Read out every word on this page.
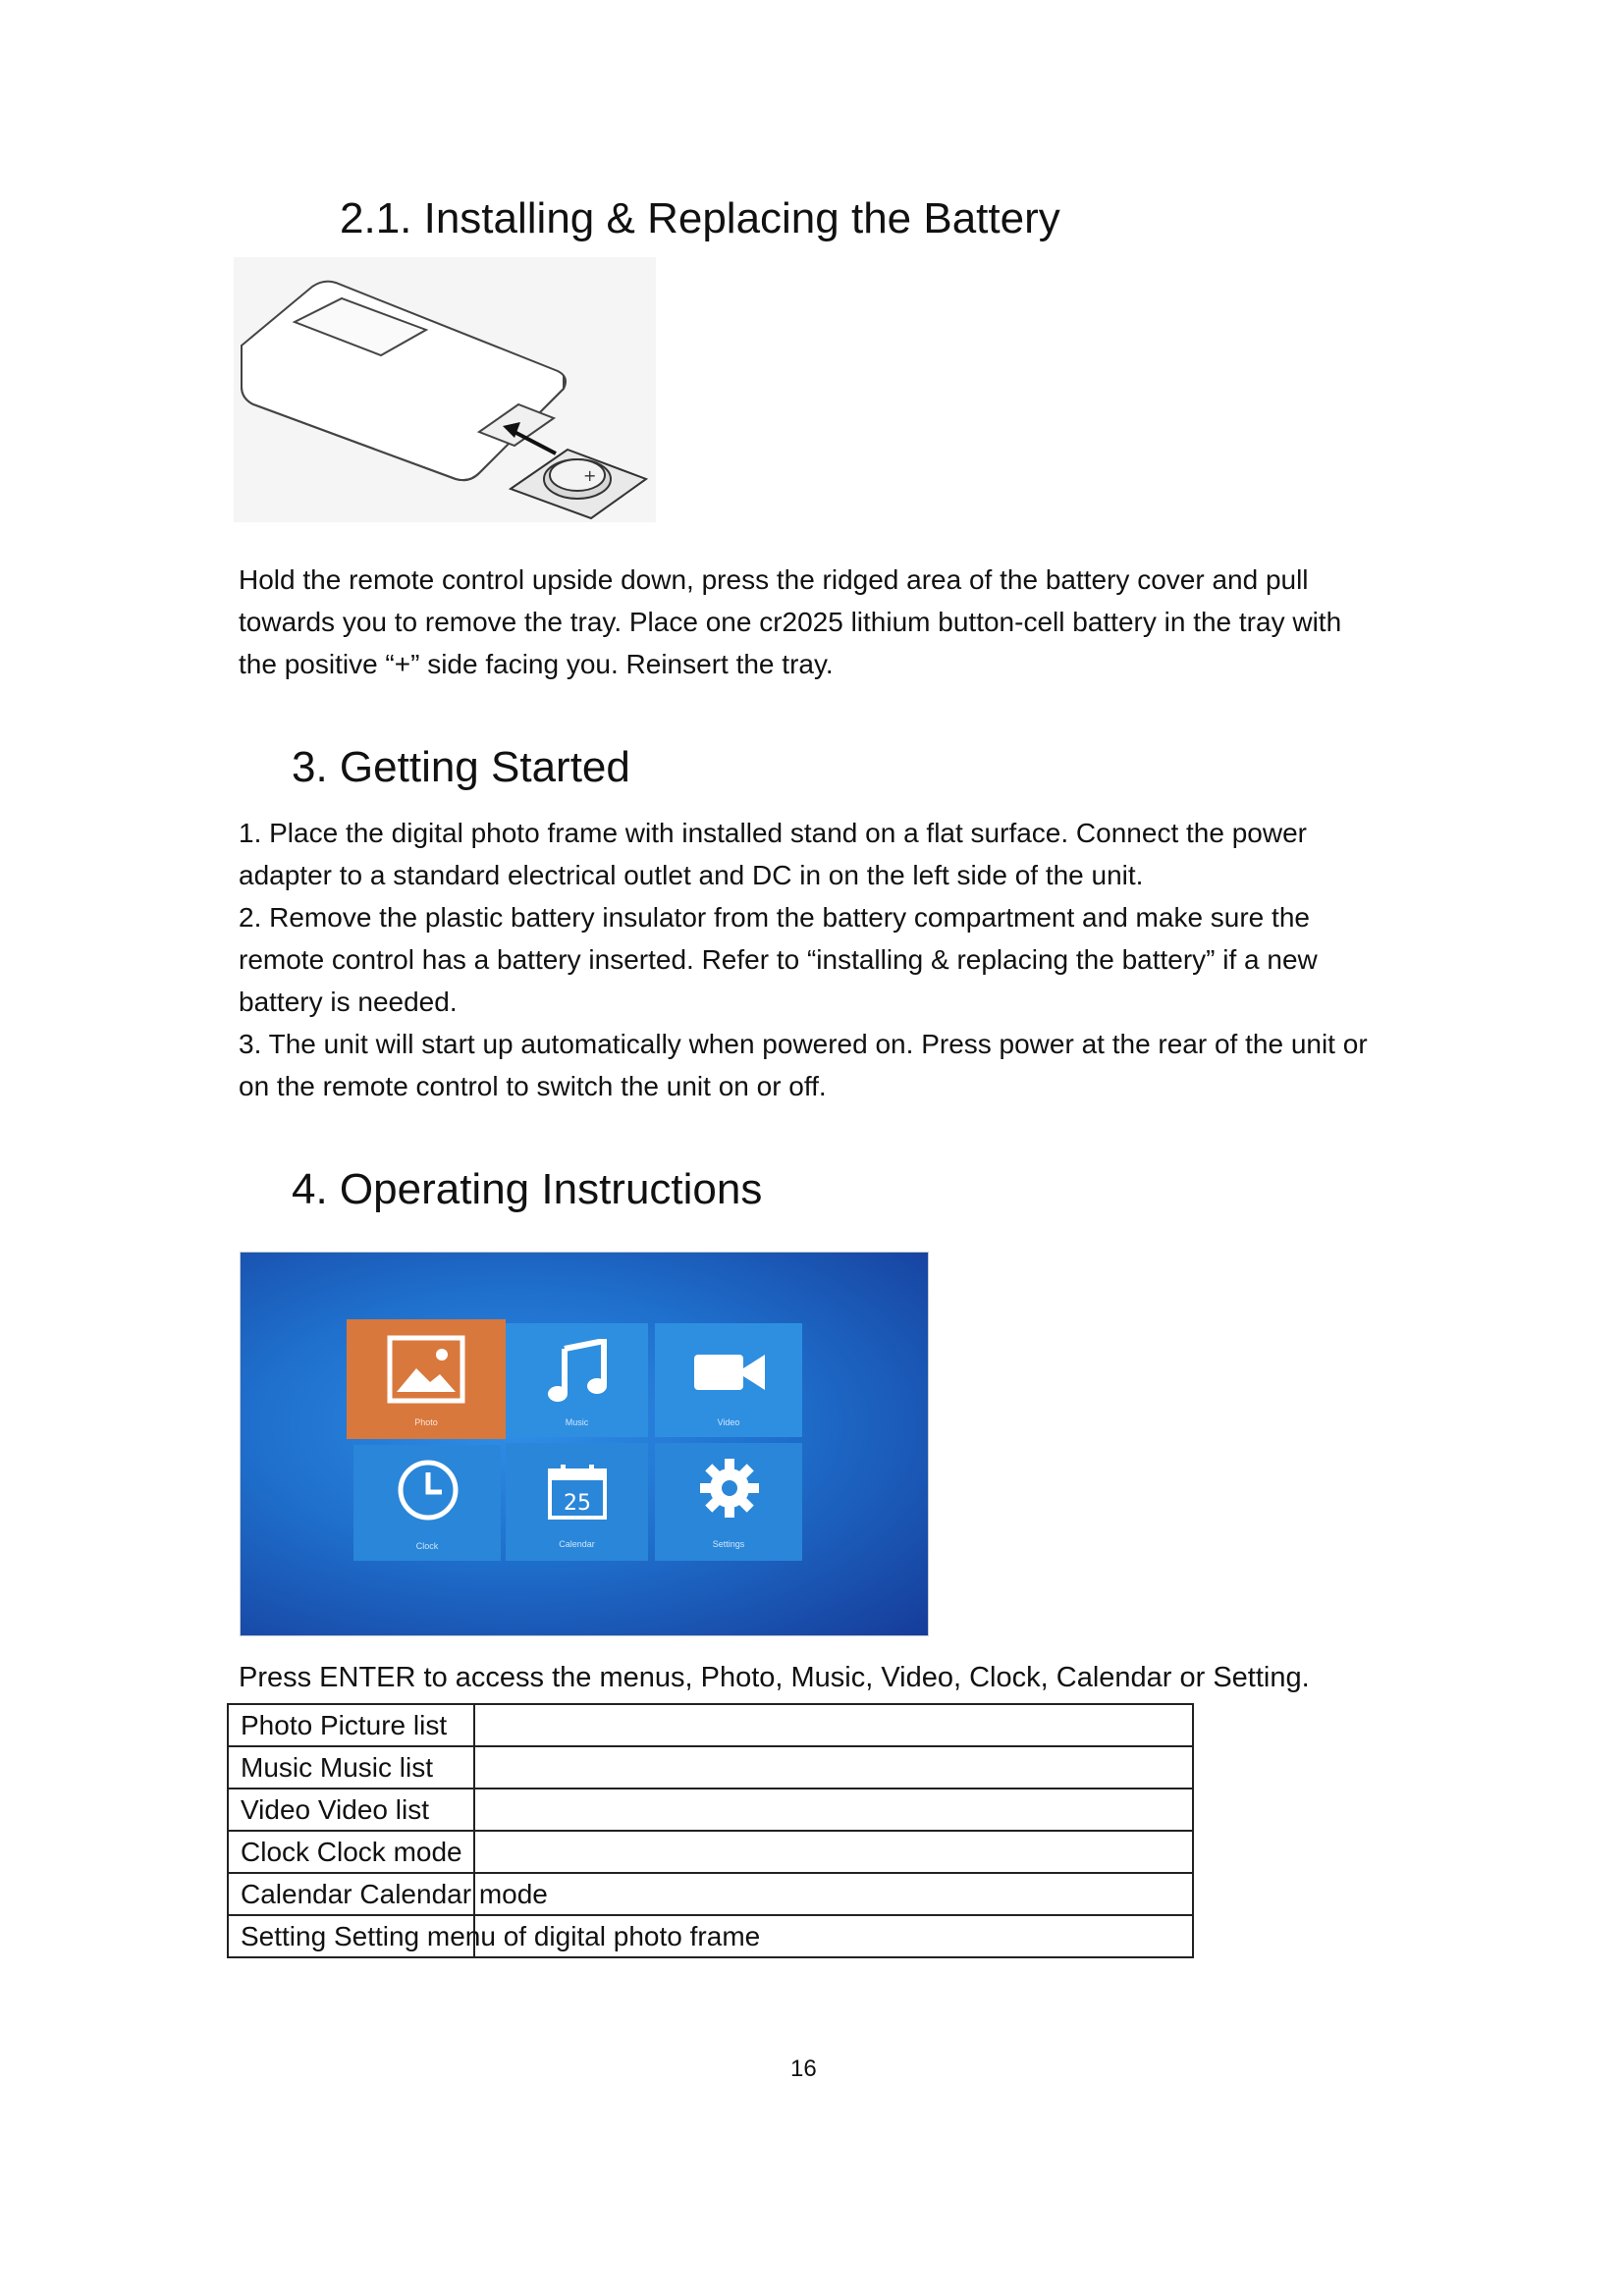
2.1. Installing & Replacing the Battery
+
Hold the remote control upside down, press the ridged area of the battery cover and pull towards you to remove the tray. Place one cr2025 lithium button-cell battery in the tray with the positive “+” side facing you. Reinsert the tray.
3. Getting Started

1. Place the digital photo frame with installed stand on a flat surface. Connect the power adapter to a standard electrical outlet and DC in on the left side of the unit.

2. Remove the plastic battery insulator from the battery compartment and make sure the remote control has a battery inserted. Refer to “installing & replacing the battery” if a new battery is needed.

3. The unit will start up automatically when powered on. Press power at the rear of the unit or on the remote control to switch the unit on or off.

4. Operating Instructions
Photo	Music	Video
Clock
25
Calendar	Settings
Press ENTER to access the menus, Photo, Music, Video, Clock, Calendar or Setting.
Photo Picture list	

Music Music list	

Video Video list	

Clock Clock mode	

Calendar Calendar mode	

Setting Setting menu of digital photo frame	

16
